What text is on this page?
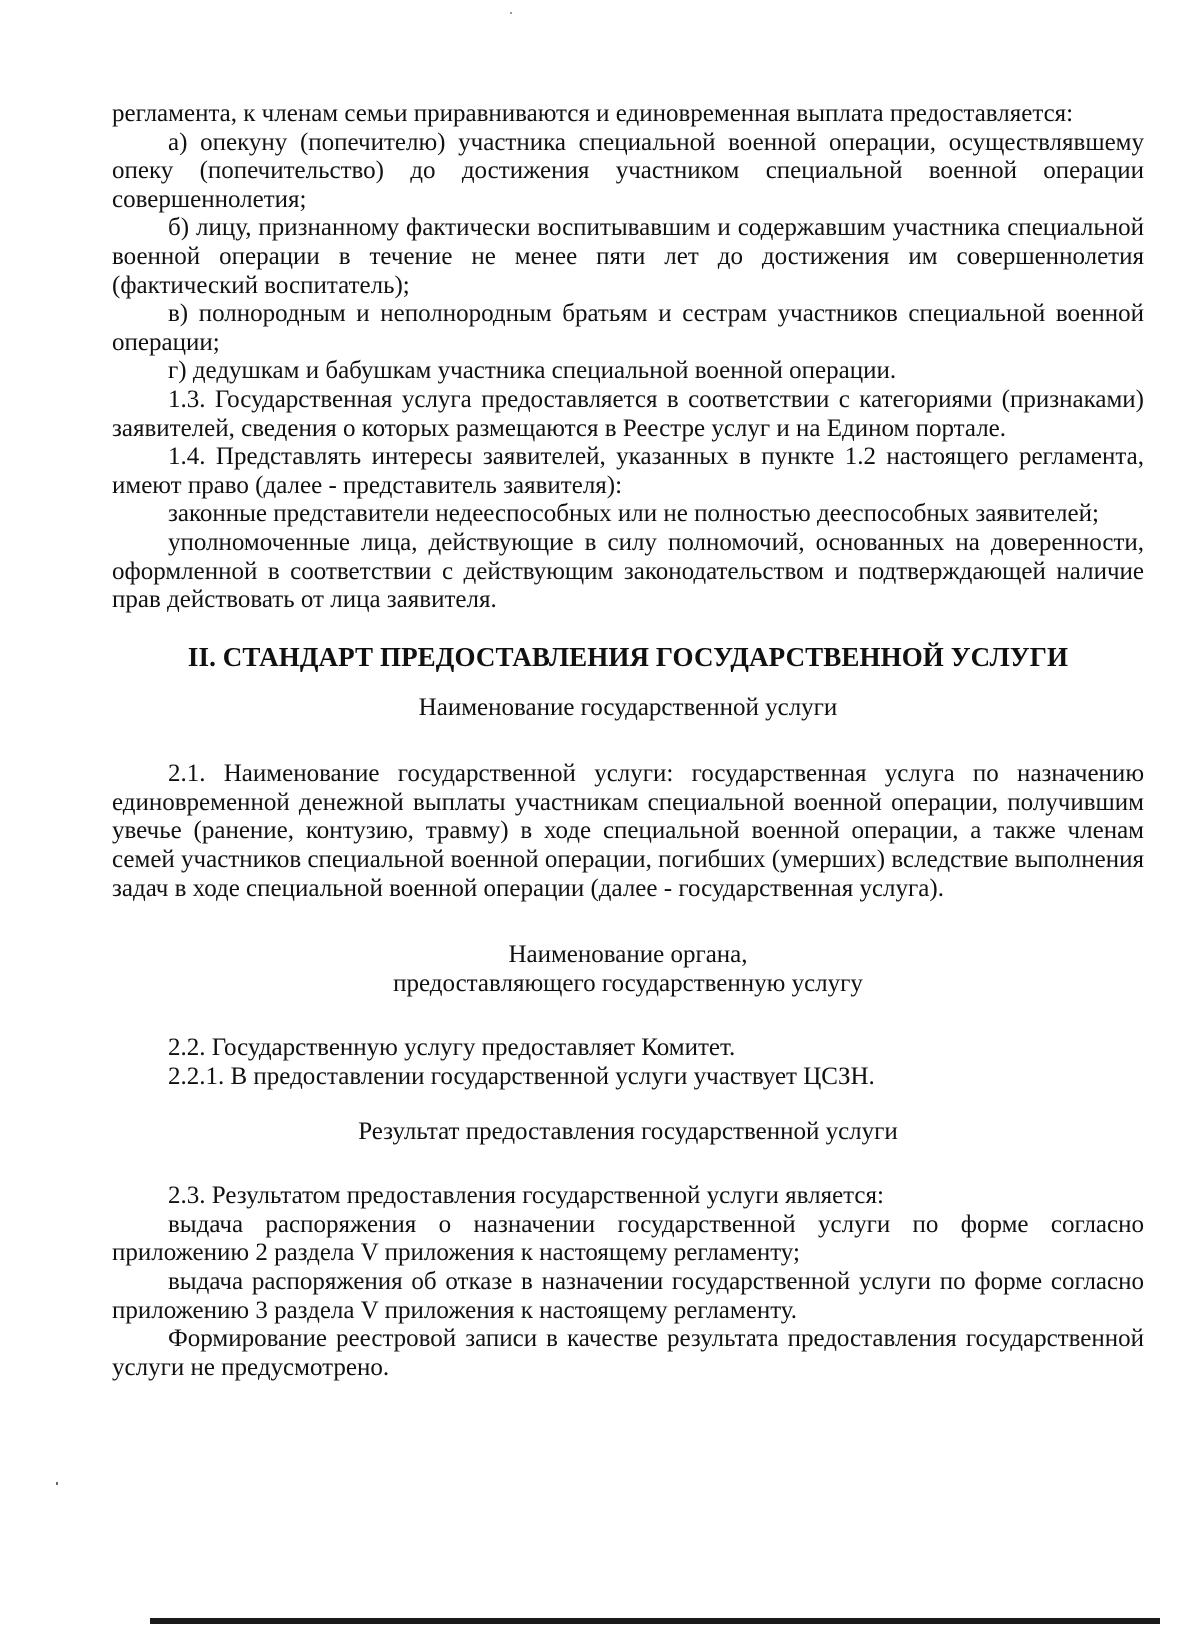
регламента, к членам семьи приравниваются и единовременная выплата предоставляется:

а) опекуну (попечителю) участника специальной военной операции, осуществлявшему опеку (попечительство) до достижения участником специальной военной операции совершеннолетия;

б) лицу, признанному фактически воспитывавшим и содержавшим участника специальной военной операции в течение не менее пяти лет до достижения им совершеннолетия (фактический воспитатель);

в) полнородным и неполнородным братьям и сестрам участников специальной военной операции;

г) дедушкам и бабушкам участника специальной военной операции.

1.3. Государственная услуга предоставляется в соответствии с категориями (признаками) заявителей, сведения о которых размещаются в Реестре услуг и на Едином портале.

1.4. Представлять интересы заявителей, указанных в пункте 1.2 настоящего регламента, имеют право (далее - представитель заявителя):

законные представители недееспособных или не полностью дееспособных заявителей;

уполномоченные лица, действующие в силу полномочий, основанных на доверенности, оформленной в соответствии с действующим законодательством и подтверждающей наличие прав действовать от лица заявителя.

II. СТАНДАРТ ПРЕДОСТАВЛЕНИЯ ГОСУДАРСТВЕННОЙ УСЛУГИ

Наименование государственной услуги

2.1. Наименование государственной услуги: государственная услуга по назначению единовременной денежной выплаты участникам специальной военной операции, получившим увечье (ранение, контузию, травму) в ходе специальной военной операции, а также членам семей участников специальной военной операции, погибших (умерших) вследствие выполнения задач в ходе специальной военной операции (далее - государственная услуга).

Наименование органа,

предоставляющего государственную услугу

2.2. Государственную услугу предоставляет Комитет.

2.2.1. В предоставлении государственной услуги участвует ЦСЗН.

Результат предоставления государственной услуги

2.3. Результатом предоставления государственной услуги является:

выдача распоряжения о назначении государственной услуги по форме согласно приложению 2 раздела V приложения к настоящему регламенту;

выдача распоряжения об отказе в назначении государственной услуги по форме согласно приложению 3 раздела V приложения к настоящему регламенту.

Формирование реестровой записи в качестве результата предоставления государственной услуги не предусмотрено.
